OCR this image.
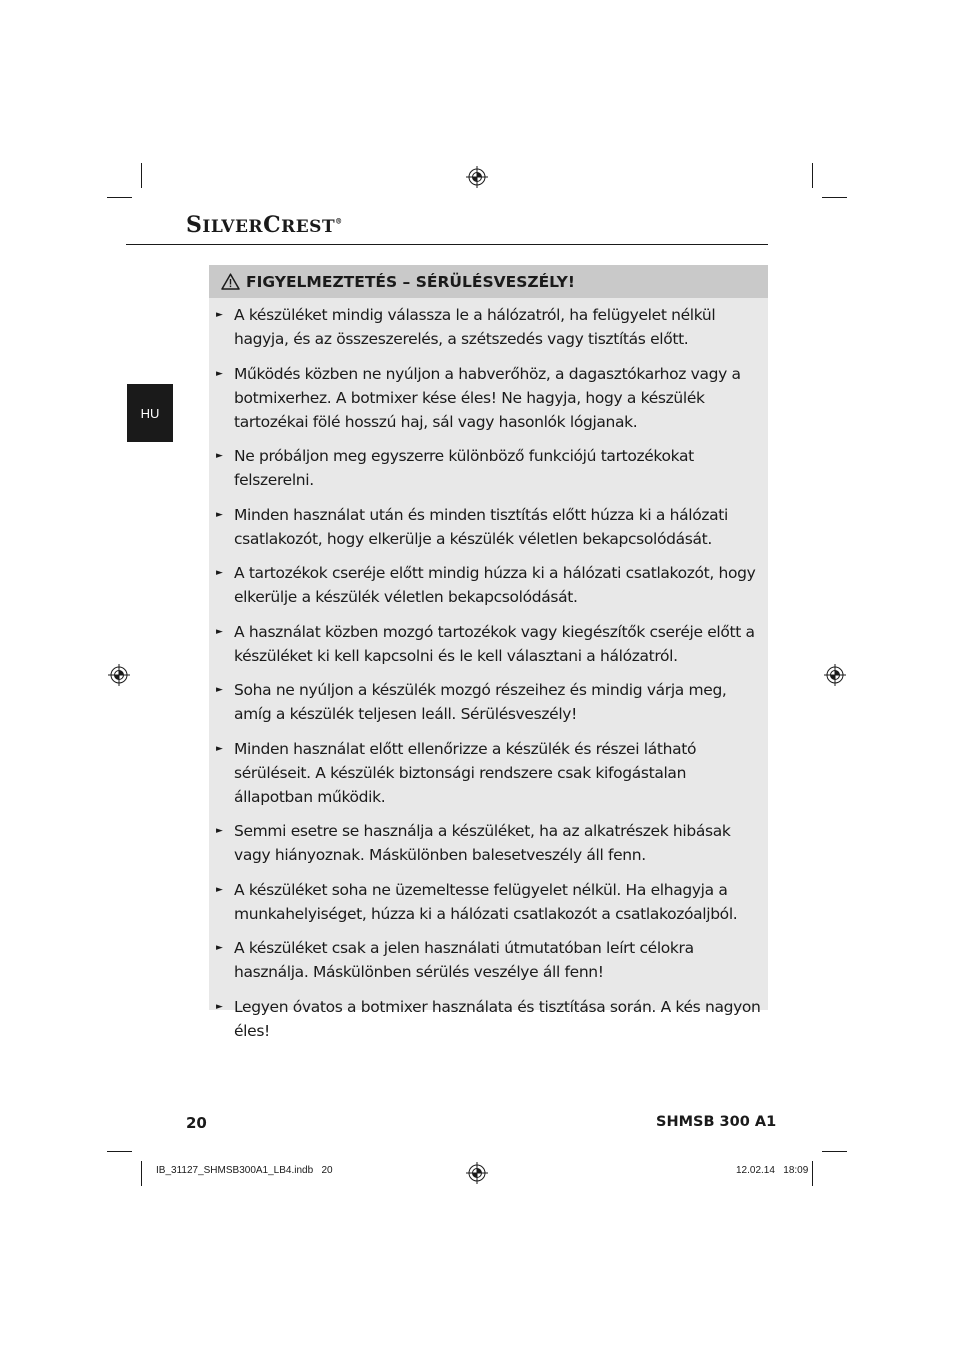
SILVERCREST®
HU
FIGYELMEZTETÉS – SÉRÜLÉSVESZÉLY!
► A készüléket mindig válassza le a hálózatról, ha felügyelet nélkül hagyja, és az összeszerelés, a szétszedés vagy tisztítás előtt.
► Működés közben ne nyúljon a habverőhöz, a dagasztókarhoz vagy a botmixerhez. A botmixer kése éles! Ne hagyja, hogy a készülék tartozékai fölé hosszú haj, sál vagy hasonlók lógjanak.
► Ne próbáljon meg egyszerre különböző funkciójú tartozékokat felszerelni.
► Minden használat után és minden tisztítás előtt húzza ki a hálózati csatlakozót, hogy elkerülje a készülék véletlen bekapcsolódását.
► A tartozékok cseréje előtt mindig húzza ki a hálózati csatlakozót, hogy elkerülje a készülék véletlen bekapcsolódását.
► A használat közben mozgó tartozékok vagy kiegészítők cseréje előtt a készüléket ki kell kapcsolni és le kell választani a hálózatról.
► Soha ne nyúljon a készülék mozgó részeihez és mindig várja meg, amíg a készülék teljesen leáll. Sérülésveszély!
► Minden használat előtt ellenőrizze a készülék és részei látható sérüléseit. A készülék biztonsági rendszere csak kifogástalan állapotban működik.
► Semmi esetre se használja a készüléket, ha az alkatrészek hibásak vagy hiányoznak. Máskülönben balesetveszély áll fenn.
► A készüléket soha ne üzemeltesse felügyelet nélkül. Ha elhagyja a munkahelyiséget, húzza ki a hálózati csatlakozót a csatlakozóaljból.
► A készüléket csak a jelen használati útmutatóban leírt célokra használja. Máskülönben sérülés veszélye áll fenn!
► Legyen óvatos a botmixer használata és tisztítása során. A kés nagyon éles!
20	SHMSB 300 A1
IB_31127_SHMSB300A1_LB4.indb   20	12.02.14   18:09
